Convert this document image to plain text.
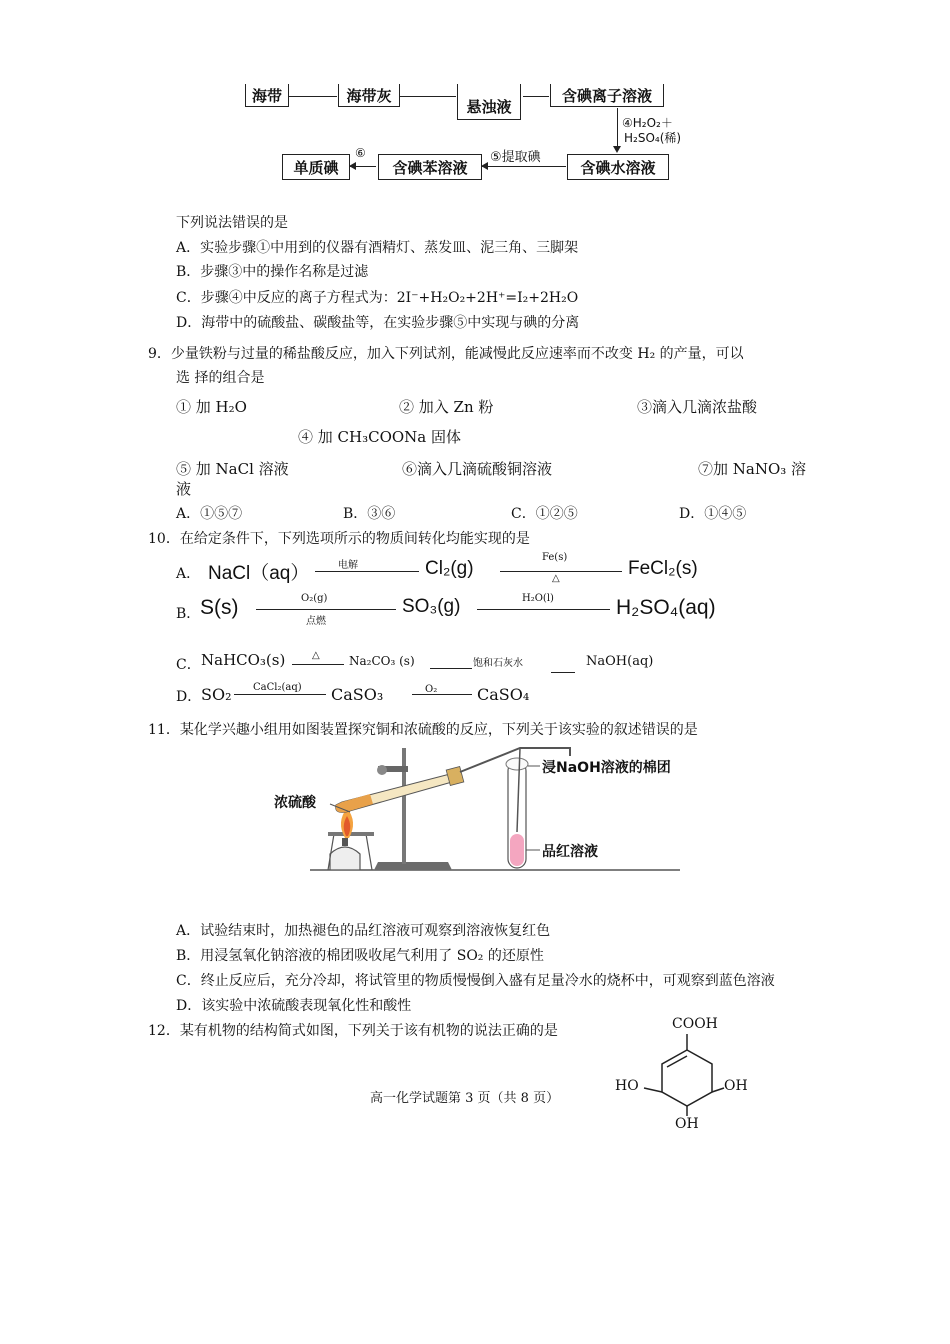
海带	海带灰
悬浊液
含碘离子溶液
④H₂O₂＋
H₂SO₄(稀)
单质碘
⑥
含碘苯溶液
⑤提取碘
含碘水溶液
下列说法错误的是
A．实验步骤①中用到的仪器有酒精灯、蒸发皿、泥三角、三脚架
B．步骤③中的操作名称是过滤
C．步骤④中反应的离子方程式为：2I⁻+H₂O₂+2H⁺=I₂+2H₂O
D．海带中的硫酸盐、碳酸盐等，在实验步骤⑤中实现与碘的分离
9．少量铁粉与过量的稀盐酸反应，加入下列试剂，能减慢此反应速率而不改变 H₂ 的产量，可以
选 择的组合是
① 加 H₂O	② 加入 Zn 粉	③滴入几滴浓盐酸
④ 加 CH₃COONa 固体
⑤ 加 NaCl 溶液	⑥滴入几滴硫酸铜溶液	⑦加 NaNO₃ 溶
液
A．①⑤⑦	B．③⑥	C．①②⑤	D．①④⑤
10．在给定条件下，下列选项所示的物质间转化均能实现的是
A． NaCl（aq）	电解	Cl₂(g)
Fe(s)
△	FeCl₂(s)
B． S(s)	O₂(g)
点燃
SO₃(g)	H₂O(l)	H₂SO₄(aq)
C． NaHCO₃(s)	△ Na₂CO₃ (s)	饱和石灰水	NaOH(aq)
D． SO₂ CaCl₂(aq) CaSO₃	O₂ CaSO₄
11．某化学兴趣小组用如图装置探究铜和浓硫酸的反应，下列关于该实验的叙述错误的是
浓硫酸
浸NaOH溶液的棉团
品红溶液
A．试验结束时，加热褪色的品红溶液可观察到溶液恢复红色
B．用浸氢氧化钠溶液的棉团吸收尾气利用了 SO₂ 的还原性
C．终止反应后，充分冷却，将试管里的物质慢慢倒入盛有足量冷水的烧杯中，可观察到蓝色溶液
D．该实验中浓硫酸表现氧化性和酸性
12．某有机物的结构简式如图，下列关于该有机物的说法正确的是	COOH
HO	OH
OH
高一化学试题第 3 页（共 8 页）
